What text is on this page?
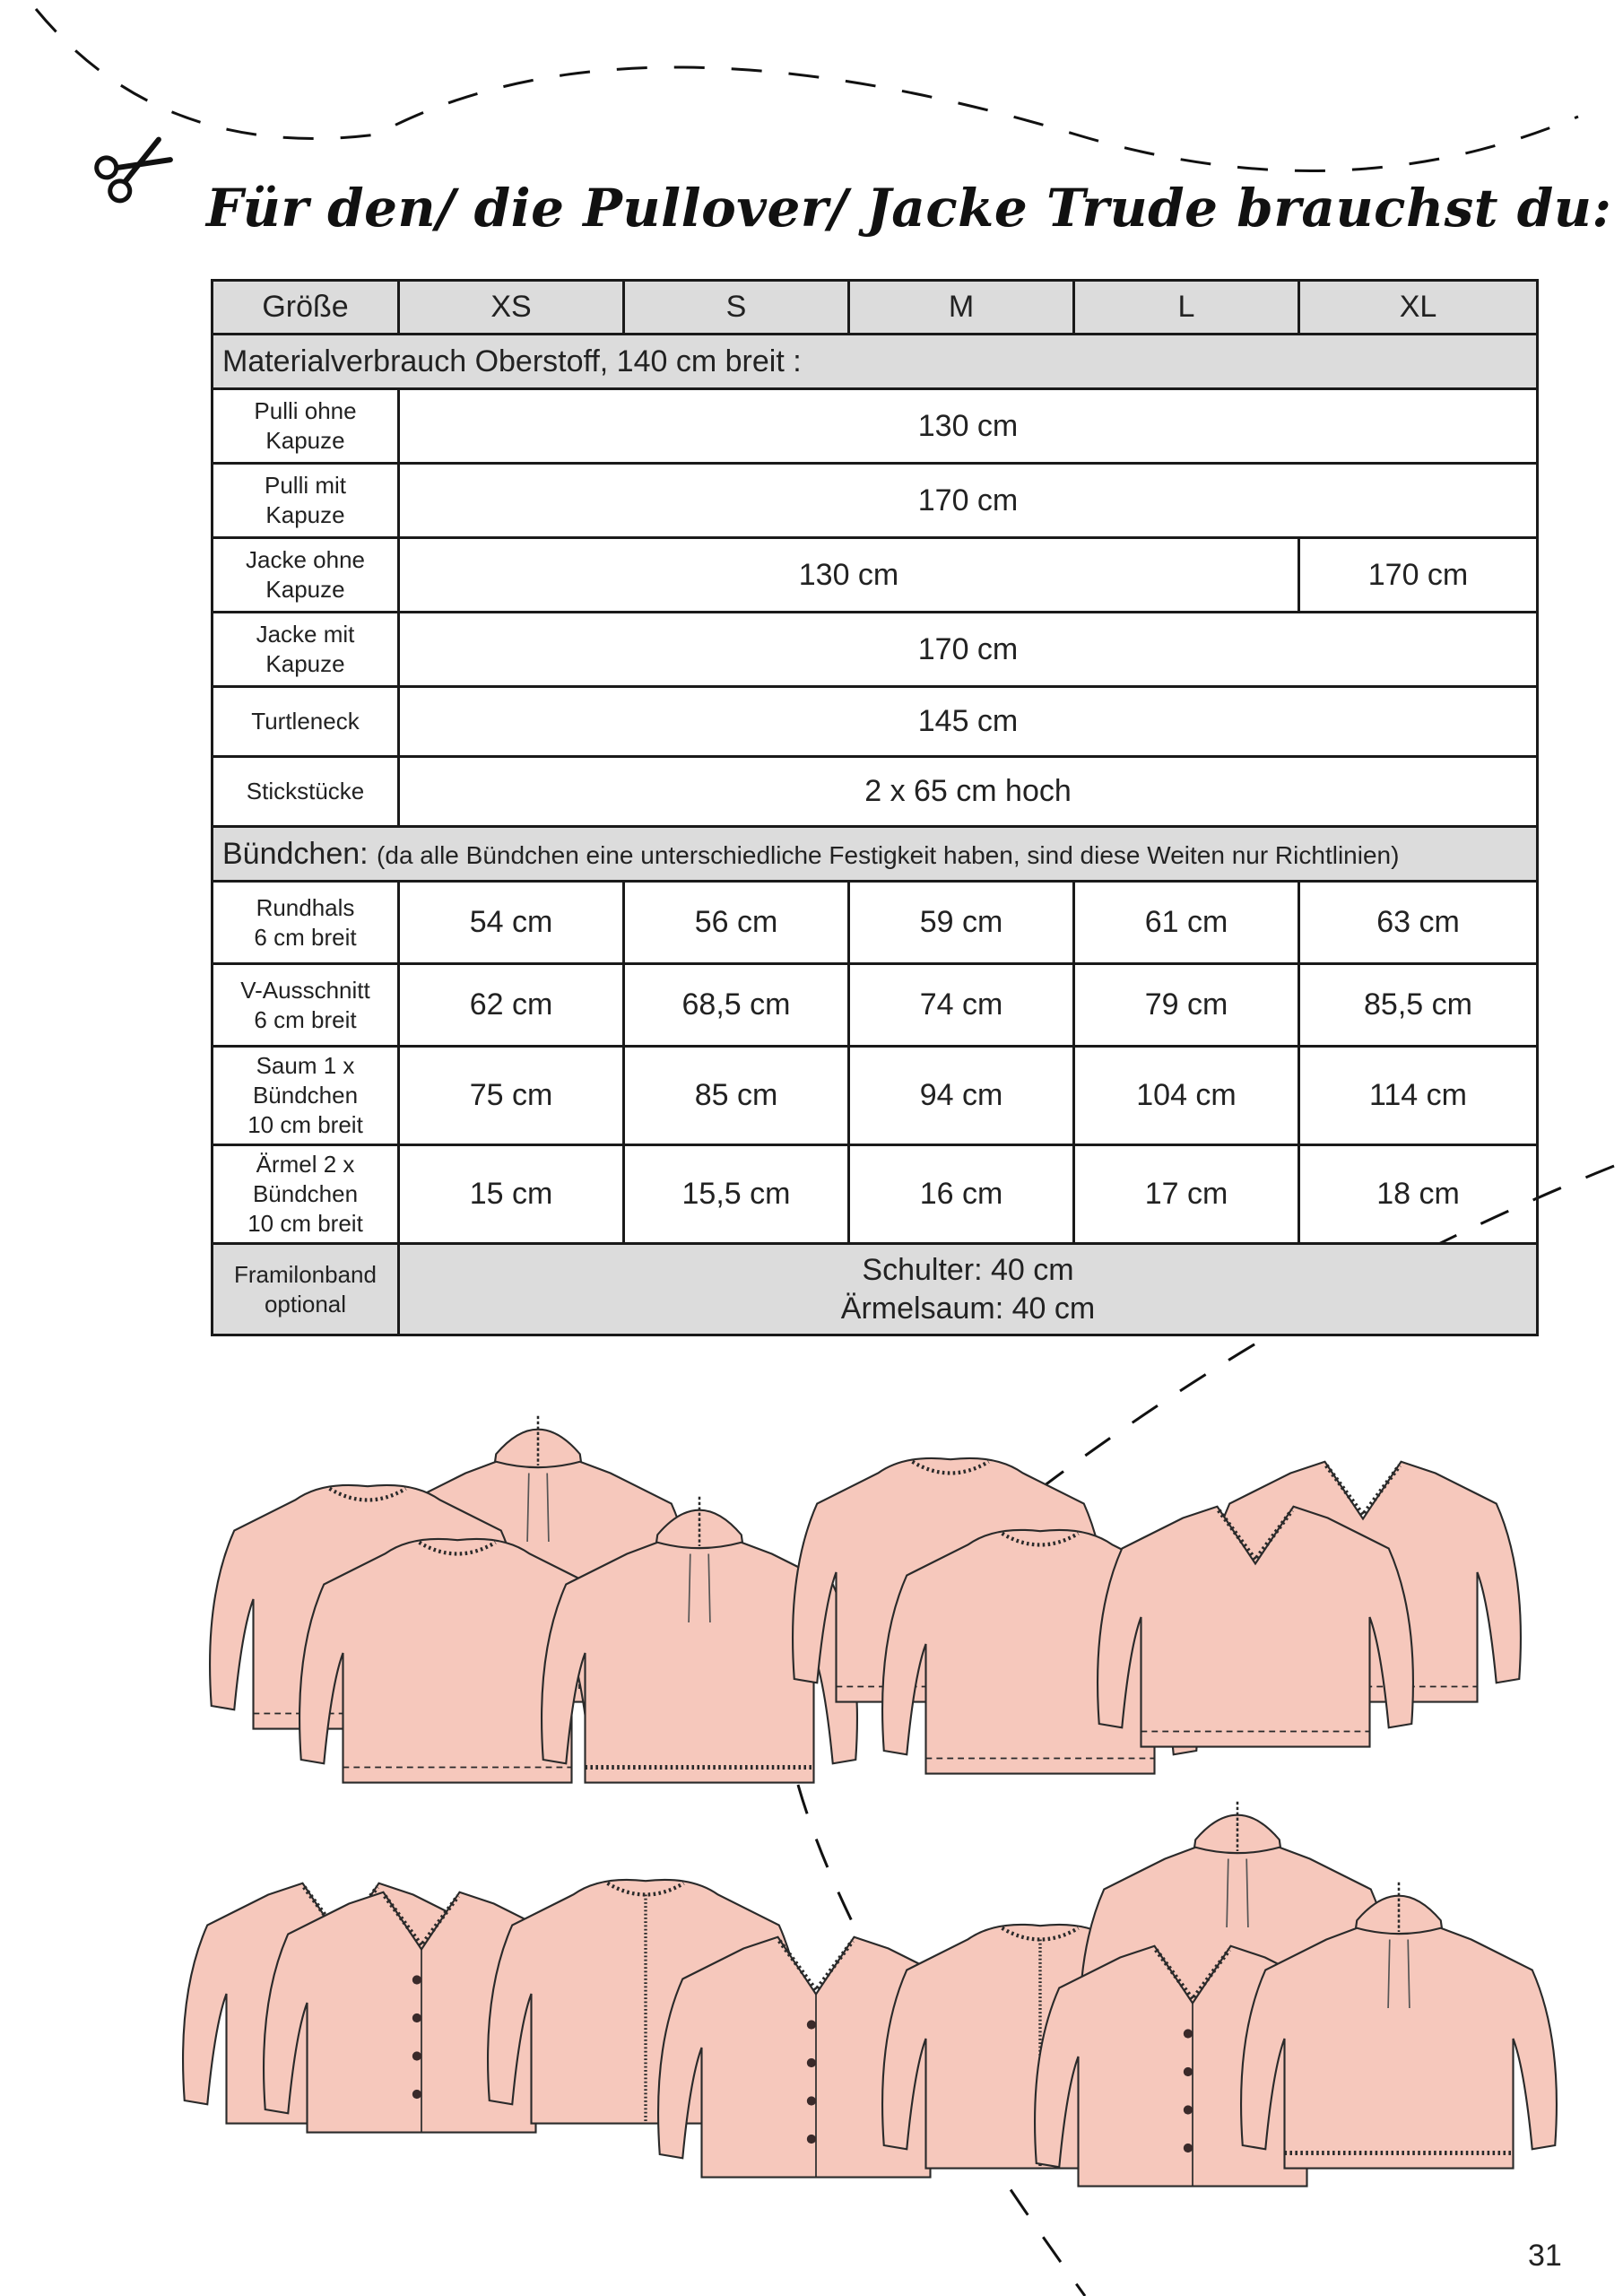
Für den/ die Pullover/ Jacke Trude brauchst du:
Größe	XS	S	M	L	XL
Materialverbrauch Oberstoff, 140 cm breit :					
Pulli ohne
Kapuze	130 cm				
Pulli mit
Kapuze	170 cm				
Jacke ohne
Kapuze	130 cm				170 cm
Jacke mit
Kapuze	170 cm				
Turtleneck	145 cm				
Stickstücke	2 x 65 cm hoch				
Bündchen: (da alle Bündchen eine unterschiedliche Festigkeit haben, sind diese Weiten nur Richtlinien)					
Rundhals
6 cm breit	54 cm	56 cm	59 cm	61 cm	63 cm
V-Ausschnitt
6 cm breit	62 cm	68,5 cm	74 cm	79 cm	85,5 cm
Saum 1 x
Bündchen
10 cm breit	75 cm	85 cm	94 cm	104 cm	114 cm
Ärmel 2 x
Bündchen
10 cm breit	15 cm	15,5 cm	16 cm	17 cm	18 cm
Framilonband
optional	Schulter: 40 cm
Ärmelsaum: 40 cm				
31
